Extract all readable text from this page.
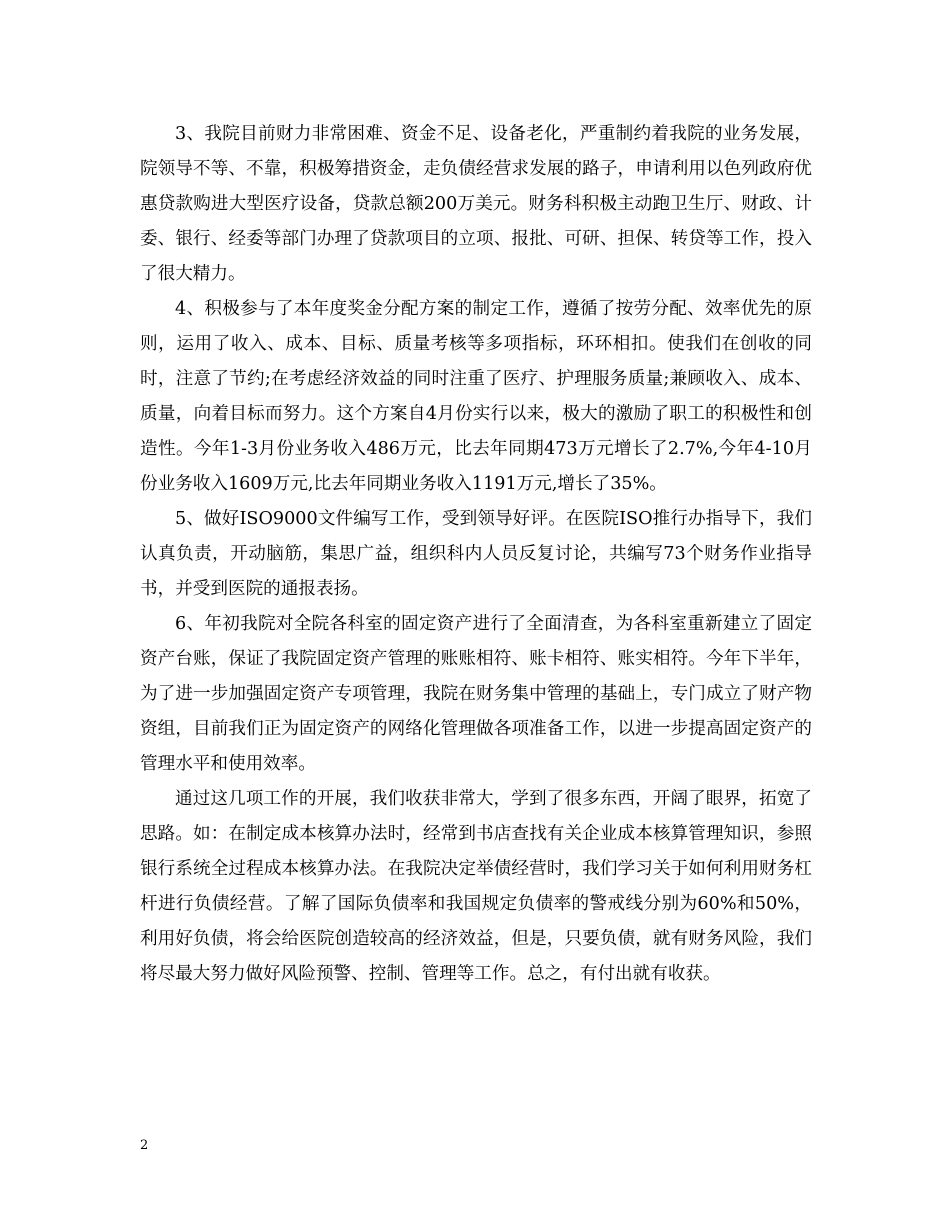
3、我院目前财力非常困难、资金不足、设备老化，严重制约着我院的业务发展，院领导不等、不靠，积极筹措资金，走负债经营求发展的路子，申请利用以色列政府优惠贷款购进大型医疗设备，贷款总额200万美元。财务科积极主动跑卫生厅、财政、计委、银行、经委等部门办理了贷款项目的立项、报批、可研、担保、转贷等工作，投入了很大精力。

4、积极参与了本年度奖金分配方案的制定工作，遵循了按劳分配、效率优先的原则，运用了收入、成本、目标、质量考核等多项指标，环环相扣。使我们在创收的同时，注意了节约;在考虑经济效益的同时注重了医疗、护理服务质量;兼顾收入、成本、质量，向着目标而努力。这个方案自4月份实行以来，极大的激励了职工的积极性和创造性。今年1-3月份业务收入486万元，比去年同期473万元增长了2.7%,今年4-10月份业务收入1609万元,比去年同期业务收入1191万元,增长了35%。

5、做好ISO9000文件编写工作，受到领导好评。在医院ISO推行办指导下，我们认真负责，开动脑筋，集思广益，组织科内人员反复讨论，共编写73个财务作业指导书，并受到医院的通报表扬。

6、年初我院对全院各科室的固定资产进行了全面清查，为各科室重新建立了固定资产台账，保证了我院固定资产管理的账账相符、账卡相符、账实相符。今年下半年，为了进一步加强固定资产专项管理，我院在财务集中管理的基础上，专门成立了财产物资组，目前我们正为固定资产的网络化管理做各项准备工作，以进一步提高固定资产的管理水平和使用效率。

通过这几项工作的开展，我们收获非常大，学到了很多东西，开阔了眼界，拓宽了思路。如：在制定成本核算办法时，经常到书店查找有关企业成本核算管理知识，参照银行系统全过程成本核算办法。在我院决定举债经营时，我们学习关于如何利用财务杠杆进行负债经营。了解了国际负债率和我国规定负债率的警戒线分别为60%和50%，利用好负债，将会给医院创造较高的经济效益，但是，只要负债，就有财务风险，我们将尽最大努力做好风险预警、控制、管理等工作。总之，有付出就有收获。

2
